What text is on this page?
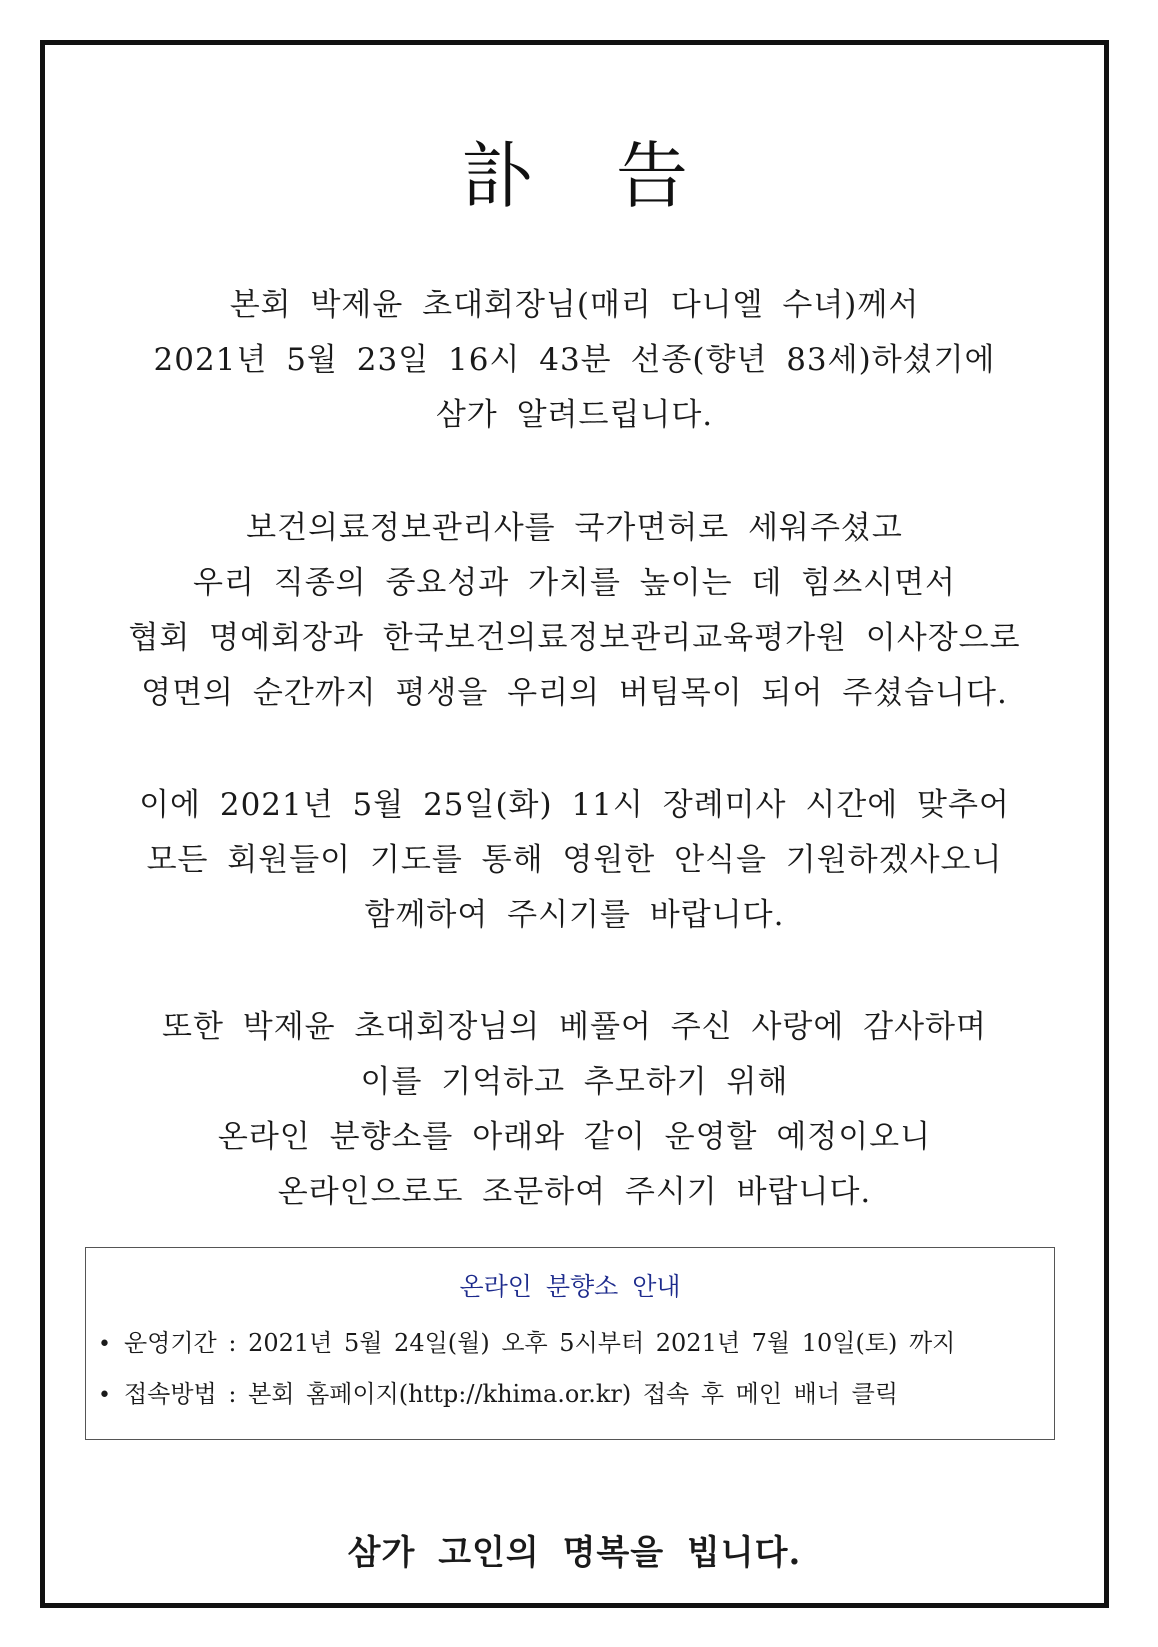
訃 告
본회 박제윤 초대회장님(매리 다니엘 수녀)께서
2021년 5월 23일 16시 43분 선종(향년 83세)하셨기에
삼가 알려드립니다.
보건의료정보관리사를 국가면허로 세워주셨고
우리 직종의 중요성과 가치를 높이는 데 힘쓰시면서
협회 명예회장과 한국보건의료정보관리교육평가원 이사장으로
영면의 순간까지 평생을 우리의 버팀목이 되어 주셨습니다.
이에 2021년 5월 25일(화) 11시 장례미사 시간에 맞추어
모든 회원들이 기도를 통해 영원한 안식을 기원하겠사오니
함께하여 주시기를 바랍니다.
또한 박제윤 초대회장님의 베풀어 주신 사랑에 감사하며
이를 기억하고 추모하기 위해
온라인 분향소를 아래와 같이 운영할 예정이오니
온라인으로도 조문하여 주시기 바랍니다.
온라인 분향소 안내
• 운영기간 : 2021년 5월 24일(월) 오후 5시부터 2021년 7월 10일(토) 까지
• 접속방법 : 본회 홈페이지(http://khima.or.kr) 접속 후 메인 배너 클릭
삼가 고인의 명복을 빕니다.
